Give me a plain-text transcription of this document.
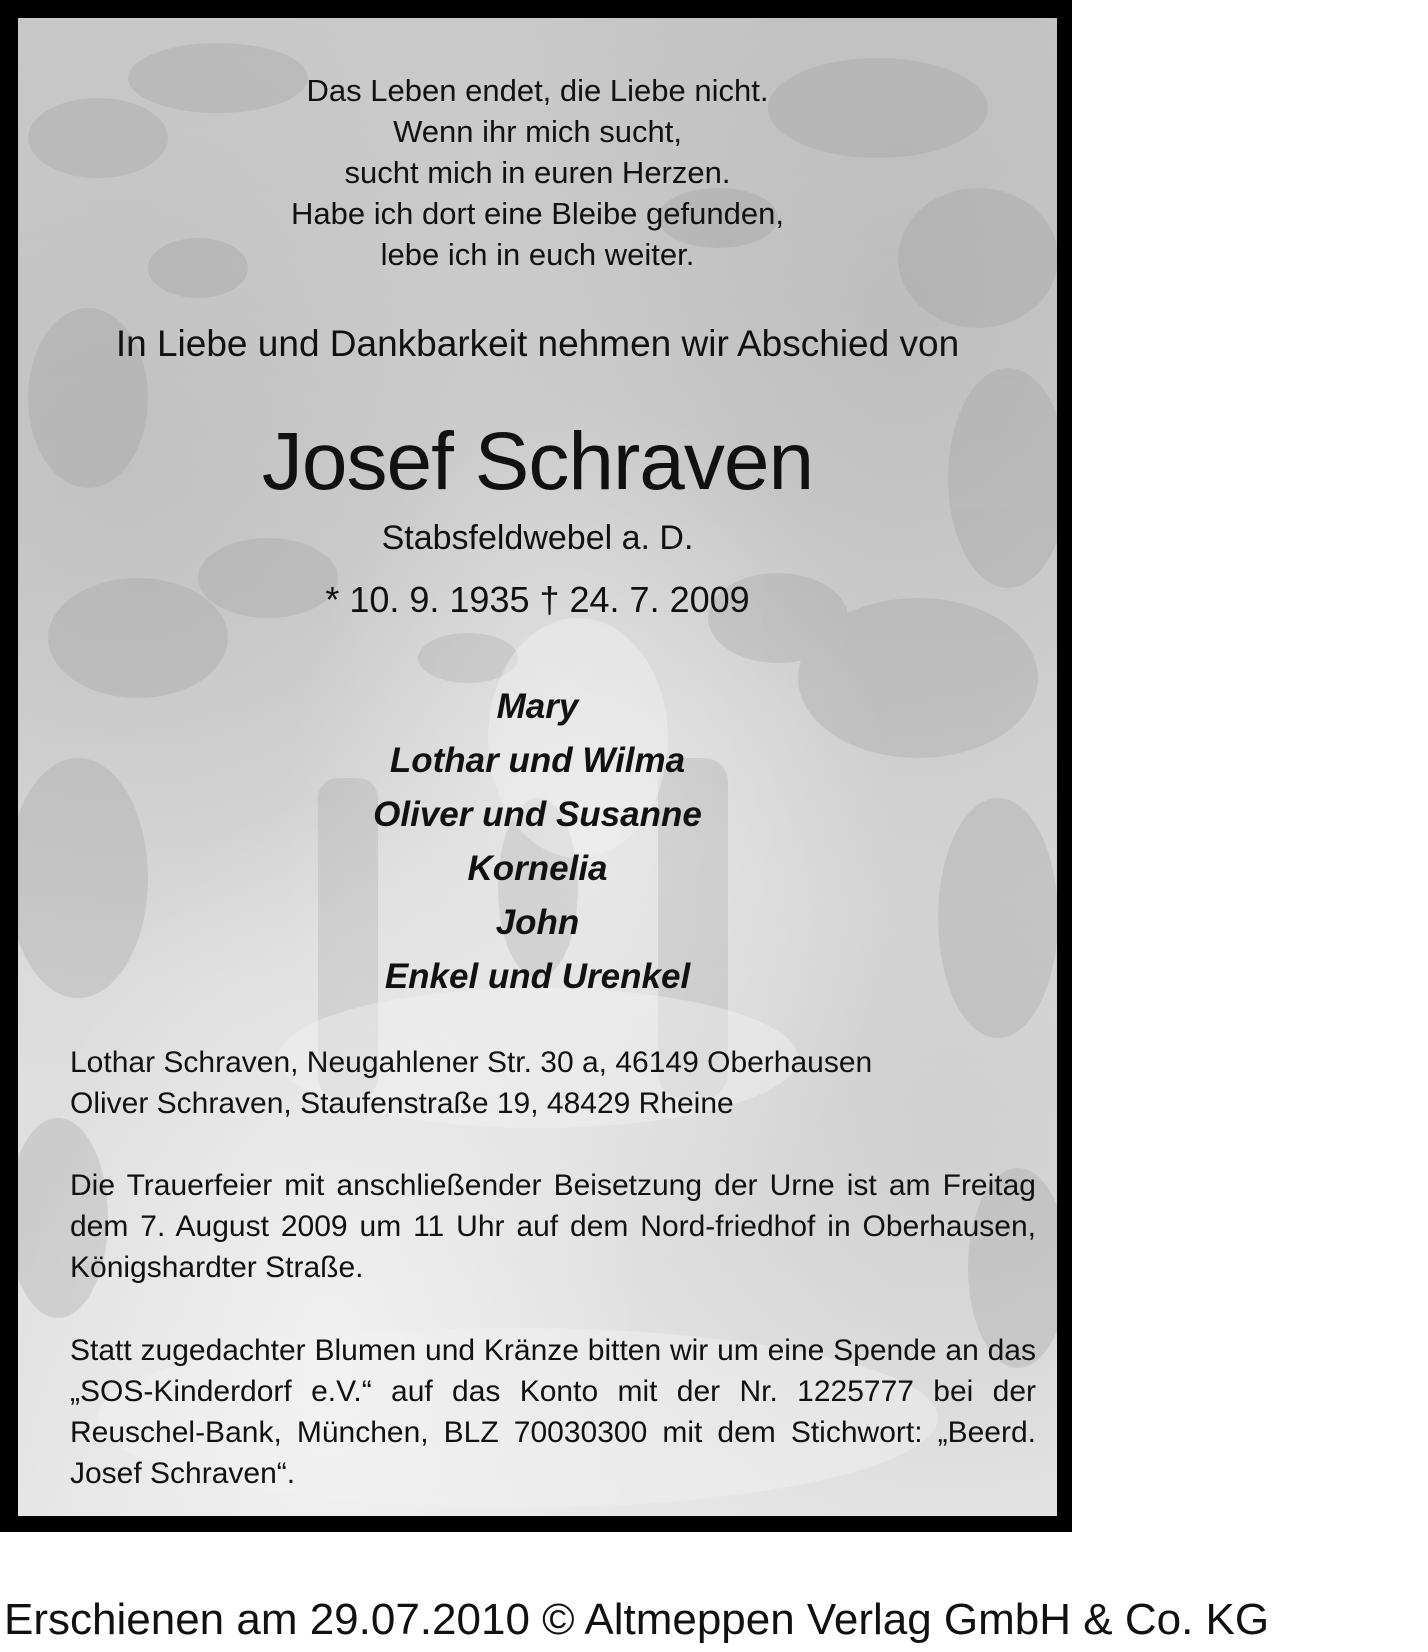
Das Leben endet, die Liebe nicht.
Wenn ihr mich sucht,
sucht mich in euren Herzen.
Habe ich dort eine Bleibe gefunden,
lebe ich in euch weiter.
In Liebe und Dankbarkeit nehmen wir Abschied von
Josef Schraven
Stabsfeldwebel a. D.
* 10. 9. 1935 † 24. 7. 2009
Mary
Lothar und Wilma
Oliver und Susanne
Kornelia
John
Enkel und Urenkel
Lothar Schraven, Neugahlener Str. 30 a, 46149 Oberhausen
Oliver Schraven, Staufenstraße 19, 48429 Rheine
Die Trauerfeier mit anschließender Beisetzung der Urne ist am Freitag dem 7. August 2009 um 11 Uhr auf dem Nord-friedhof in Oberhausen, Königshardter Straße.
Statt zugedachter Blumen und Kränze bitten wir um eine Spende an das „SOS-Kinderdorf e.V.“ auf das Konto mit der Nr. 1225777 bei der Reuschel-Bank, München, BLZ 70030300 mit dem Stichwort: „Beerd. Josef Schraven“.
Erschienen am 29.07.2010 © Altmeppen Verlag GmbH & Co. KG
